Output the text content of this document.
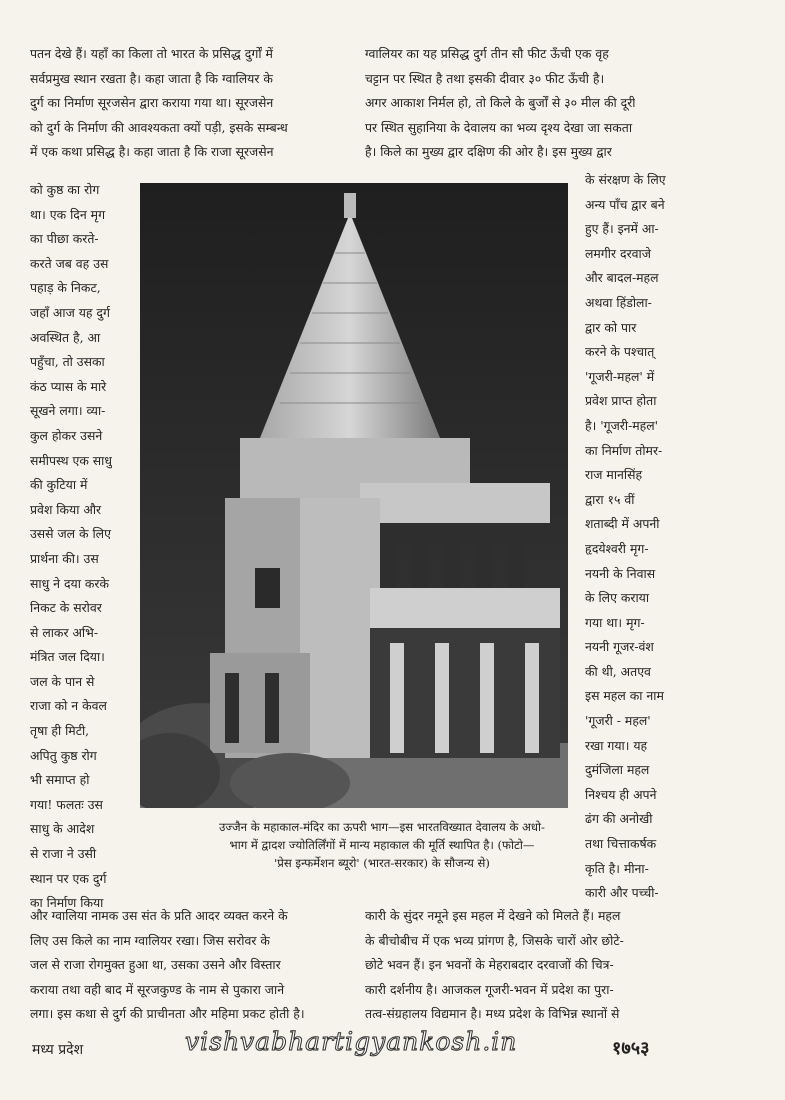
पतन देखे हैं। यहाँ का किला तो भारत के प्रसिद्ध दुर्गों में
सर्वप्रमुख स्थान रखता है। कहा जाता है कि ग्वालियर के
दुर्ग का निर्माण सूरजसेन द्वारा कराया गया था। सूरजसेन
को दुर्ग के निर्माण की आवश्यकता क्यों पड़ी, इसके सम्बन्ध
में एक कथा प्रसिद्ध है। कहा जाता है कि राजा सूरजसेन
ग्वालियर का यह प्रसिद्ध दुर्ग तीन सौ फीट ऊँची एक वृह
चट्टान पर स्थित है तथा इसकी दीवार ३० फीट ऊँची है।
अगर आकाश निर्मल हो, तो किले के बुर्जों से ३० मील की दूरी
पर स्थित सुहानिया के देवालय का भव्य दृश्य देखा जा सकता
है। किले का मुख्य द्वार दक्षिण की ओर है। इस मुख्य द्वार
को कुष्ठ का रोग
था। एक दिन मृग
का पीछा करते-
करते जब वह उस
पहाड़ के निकट,
जहाँ आज यह दुर्ग
अवस्थित है, आ
पहुँचा, तो उसका
कंठ प्यास के मारे
सूखने लगा। व्या-
कुल होकर उसने
समीपस्थ एक साधु
की कुटिया में
प्रवेश किया और
उससे जल के लिए
प्रार्थना की। उस
साधु ने दया करके
निकट के सरोवर
से लाकर अभि-
मंत्रित जल दिया।
जल के पान से
राजा को न केवल
तृषा ही मिटी,
अपितु कुष्ठ रोग
भी समाप्त हो
गया! फलतः उस
साधु के आदेश
से राजा ने उसी
स्थान पर एक दुर्ग
का निर्माण किया
के संरक्षण के लिए
अन्य पाँच द्वार बने
हुए हैं। इनमें आ-
लमगीर दरवाजे
और बादल-महल
अथवा हिंडोला-
द्वार को पार
करने के पश्चात्
'गूजरी-महल' में
प्रवेश प्राप्त होता
है। 'गूजरी-महल'
का निर्माण तोमर-
राज मानसिंह
द्वारा १५ वीं
शताब्दी में अपनी
हृदयेश्वरी मृग-
नयनी के निवास
के लिए कराया
गया था। मृग-
नयनी गूजर-वंश
की थी, अतएव
इस महल का नाम
'गूजरी - महल'
रखा गया। यह
दुमंजिला महल
निश्चय ही अपने
ढंग की अनोखी
तथा चित्ताकर्षक
कृति है। मीना-
कारी और पच्ची-
उज्जैन के महाकाल-मंदिर का ऊपरी भाग—इस भारतविख्यात देवालय के अधो-
भाग में द्वादश ज्योतिर्लिंगों में मान्य महाकाल की मूर्ति स्थापित है। (फोटो—
'प्रेस इन्फर्मेशन ब्यूरो' (भारत-सरकार) के सौजन्य से)
और ग्वालिया नामक उस संत के प्रति आदर व्यक्त करने के
लिए उस किले का नाम ग्वालियर रखा। जिस सरोवर के
जल से राजा रोगमुक्त हुआ था, उसका उसने और विस्तार
कराया तथा वही बाद में सूरजकुण्ड के नाम से पुकारा जाने
लगा। इस कथा से दुर्ग की प्राचीनता और महिमा प्रकट होती है।
कारी के सुंदर नमूने इस महल में देखने को मिलते हैं। महल
के बीचोबीच में एक भव्य प्रांगण है, जिसके चारों ओर छोटे-
छोटे भवन हैं। इन भवनों के मेहराबदार दरवाजों की चित्र-
कारी दर्शनीय है। आजकल गूजरी-भवन में प्रदेश का पुरा-
तत्व-संग्रहालय विद्यमान है। मध्य प्रदेश के विभिन्न स्थानों से
मध्य प्रदेश	vishvabhartigyankosh.in	१७५३
